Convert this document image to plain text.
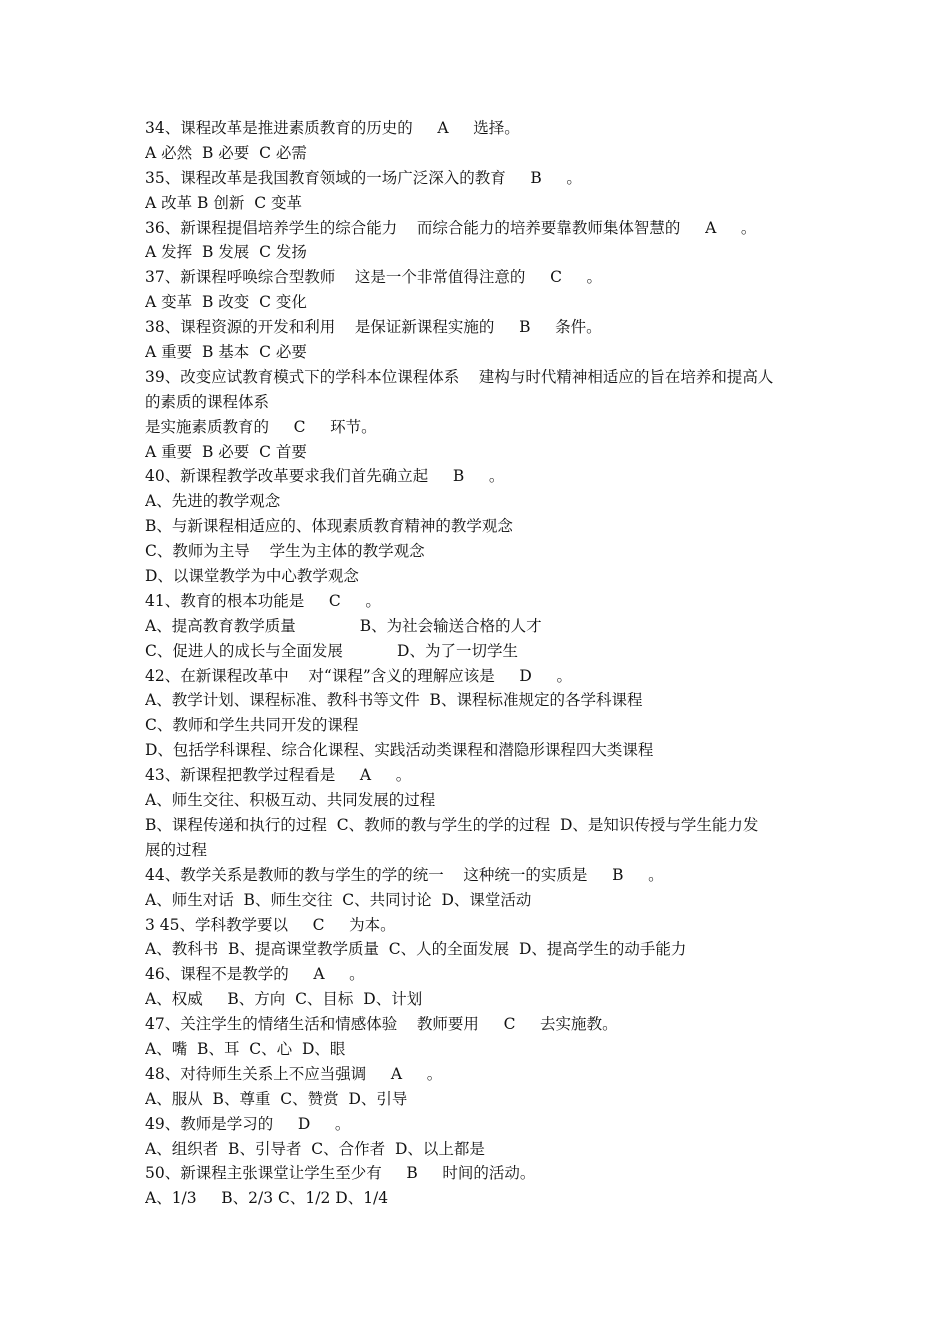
34、课程改革是推进素质教育的历史的     A     选择。
A 必然  B 必要  C 必需
35、课程改革是我国教育领域的一场广泛深入的教育     B     。
A 改革 B 创新  C 变革
36、新课程提倡培养学生的综合能力    而综合能力的培养要靠教师集体智慧的     A     。
A 发挥  B 发展  C 发扬
37、新课程呼唤综合型教师    这是一个非常值得注意的     C     。
A 变革  B 改变  C 变化
38、课程资源的开发和利用    是保证新课程实施的     B     条件。
A 重要  B 基本  C 必要
39、改变应试教育模式下的学科本位课程体系    建构与时代精神相适应的旨在培养和提高人
的素质的课程体系
是实施素质教育的     C     环节。
A 重要  B 必要  C 首要
40、新课程教学改革要求我们首先确立起     B     。
A、先进的教学观念
B、与新课程相适应的、体现素质教育精神的教学观念
C、教师为主导    学生为主体的教学观念
D、以课堂教学为中心教学观念
41、教育的根本功能是     C     。
A、提高教育教学质量             B、为社会输送合格的人才
C、促进人的成长与全面发展           D、为了一切学生
42、在新课程改革中    对“课程”含义的理解应该是     D     。
A、教学计划、课程标准、教科书等文件  B、课程标准规定的各学科课程
C、教师和学生共同开发的课程
D、包括学科课程、综合化课程、实践活动类课程和潜隐形课程四大类课程
43、新课程把教学过程看是     A     。
A、师生交往、积极互动、共同发展的过程
B、课程传递和执行的过程  C、教师的教与学生的学的过程  D、是知识传授与学生能力发
展的过程
44、教学关系是教师的教与学生的学的统一    这种统一的实质是     B     。
A、师生对话  B、师生交往  C、共同讨论  D、课堂活动
3 45、学科教学要以     C     为本。
A、教科书  B、提高课堂教学质量  C、人的全面发展  D、提高学生的动手能力
46、课程不是教学的     A     。
A、权威     B、方向  C、目标  D、计划
47、关注学生的情绪生活和情感体验    教师要用     C     去实施教。
A、嘴  B、耳  C、心  D、眼
48、对待师生关系上不应当强调     A     。
A、服从  B、尊重  C、赞赏  D、引导
49、教师是学习的     D     。
A、组织者  B、引导者  C、合作者  D、以上都是
50、新课程主张课堂让学生至少有     B     时间的活动。
A、1/3     B、2/3 C、1/2 D、1/4
